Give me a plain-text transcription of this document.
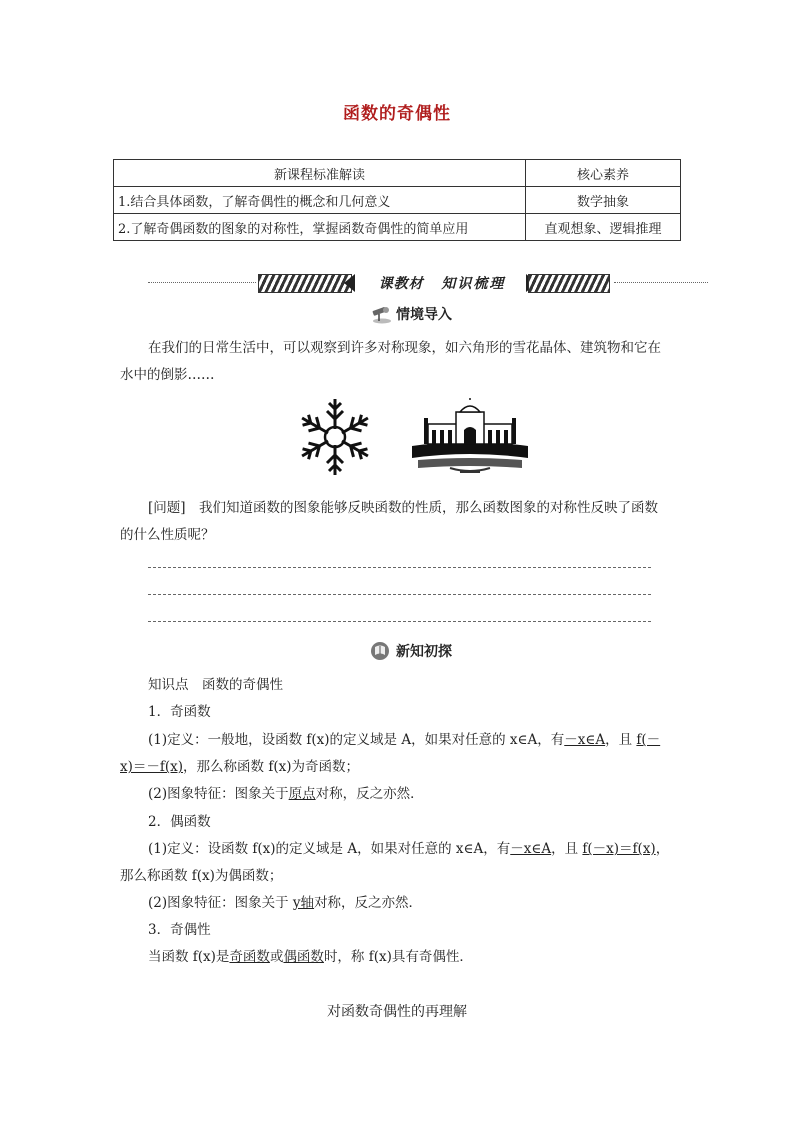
函数的奇偶性
新课程标准解读	核心素养
1.结合具体函数，了解奇偶性的概念和几何意义	数学抽象
2.了解奇偶函数的图象的对称性，掌握函数奇偶性的简单应用	直观想象、逻辑推理
课教材 知识梳理
情境导入

在我们的日常生活中，可以观察到许多对称现象，如六角形的雪花晶体、建筑物和它在

水中的倒影……

[问题]　我们知道函数的图象能够反映函数的性质，那么函数图象的对称性反映了函数

的什么性质呢？

新知初探

知识点　函数的奇偶性

1．奇函数

(1)定义：一般地，设函数 f(x)的定义域是 A，如果对任意的 x∈A，有－x∈A，且 f(－

x)＝－f(x)，那么称函数 f(x)为奇函数；

(2)图象特征：图象关于原点对称，反之亦然．

2．偶函数

(1)定义：设函数 f(x)的定义域是 A，如果对任意的 x∈A，有－x∈A，且 f(－x)＝f(x)，

那么称函数 f(x)为偶函数；

(2)图象特征：图象关于 y轴对称，反之亦然．

3．奇偶性

当函数 f(x)是奇函数或偶函数时，称 f(x)具有奇偶性．

对函数奇偶性的再理解
